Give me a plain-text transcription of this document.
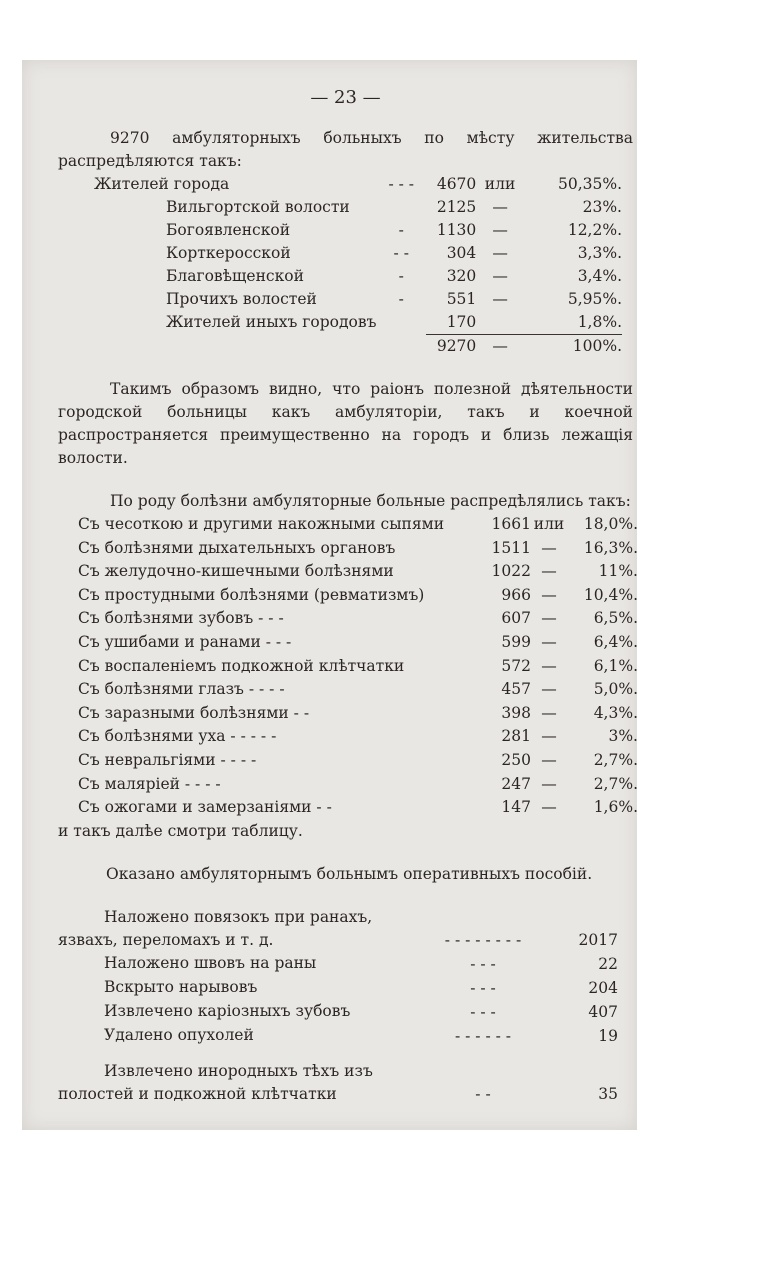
— 23 —

9270 амбуляторныхъ больныхъ по мѣсту жительства распредѣляются такъ:

Жителей города	- - -	4670	или	50,35%.
Вильгортской волости		2125	—	23%.
Богоявленской	-	1130	—	12,2%.
Корткеросской	- -	304	—	3,3%.
Благовѣщенской	-	320	—	3,4%.
Прочихъ волостей	-	551	—	5,95%.
Жителей иныхъ городовъ		170		1,8%.
		9270	—	100%.

Такимъ образомъ видно, что раіонъ полезной дѣятельности городской больницы какъ амбуляторіи, такъ и коечной распространяется преимущественно на городъ и близь лежащія волости.

По роду болѣзни амбуляторные больные распредѣлялись такъ:

Съ чесоткою и другими накожными сыпями	1661	или	18,0%.
Съ болѣзнями дыхательныхъ органовъ	1511	—	16,3%.
Съ желудочно-кишечными болѣзнями	1022	—	11%.
Съ простудными болѣзнями (ревматизмъ)	966	—	10,4%.
Съ болѣзнями зубовъ - - -	607	—	6,5%.
Съ ушибами и ранами - - -	599	—	6,4%.
Съ воспаленіемъ подкожной клѣтчатки	572	—	6,1%.
Съ болѣзнями глазъ - - - -	457	—	5,0%.
Съ заразными болѣзнями - -	398	—	4,3%.
Съ болѣзнями уха - - - - -	281	—	3%.
Съ невральгіями - - - -	250	—	2,7%.
Съ маляріей - - - -	247	—	2,7%.
Съ ожогами и замерзаніями - -	147	—	1,6%.

и такъ далѣе смотри таблицу.

Оказано амбуляторнымъ больнымъ оперативныхъ пособій.

Наложено повязокъ при ранахъ, язвахъ, переломахъ и т. д.	- - - - - - - -	2017
Наложено швовъ на раны	- - -	22
Вскрыто нарывовъ	- - -	204
Извлечено каріозныхъ зубовъ	- - -	407
Удалено опухолей	- - - - - -	19

Извлечено инородныхъ тѣхъ изъ полостей и подкожной клѣтчатки	- -	35
